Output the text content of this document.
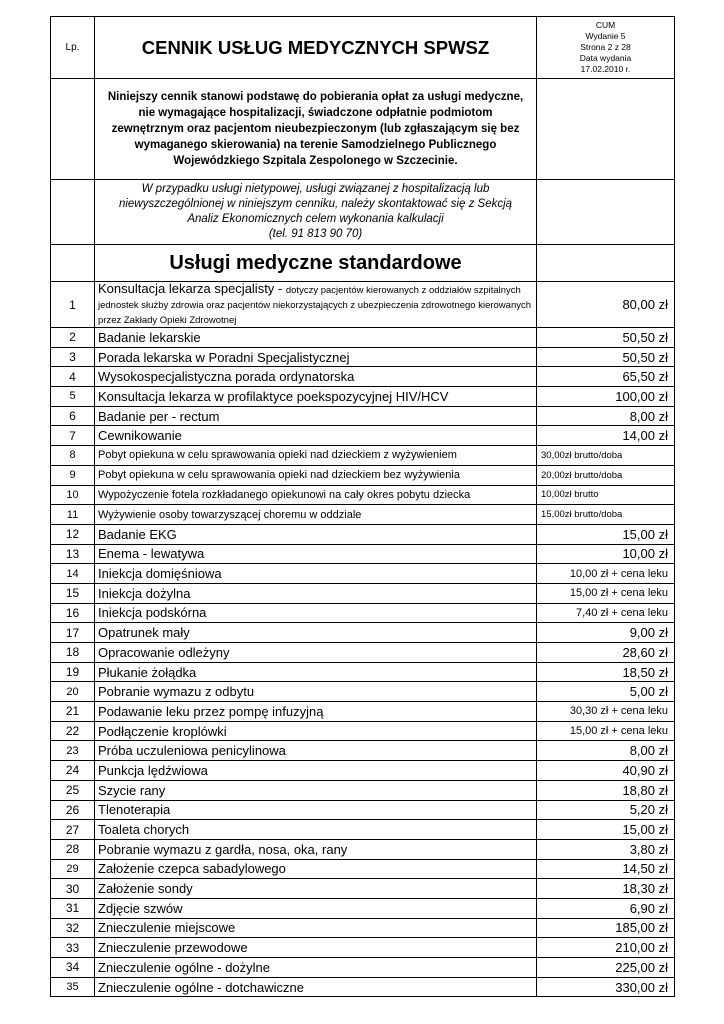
Lp.	CENNIK USŁUG MEDYCZNYCH SPWSZ	CUM
Wydanie 5
Strona 2 z 28
Data wydania
17.02.2010 r.

	Niniejszy cennik stanowi podstawę do pobierania opłat za usługi medyczne, nie wymagające hospitalizacji, świadczone odpłatnie podmiotom zewnętrznym oraz pacjentom nieubezpieczonym (lub zgłaszającym się bez wymaganego skierowania) na terenie Samodzielnego Publicznego Wojewódzkiego Szpitala Zespolonego w Szczecinie.	

	W przypadku usługi nietypowej, usługi związanej z hospitalizacją lub niewyszczególnionej w niniejszym cenniku, należy skontaktować się z Sekcją Analiz Ekonomicznych celem wykonania kalkulacji
(tel. 91 813 90 70)	

	Usługi medyczne standardowe	
1	Konsultacja lekarza specjalisty - dotyczy pacjentów kierowanych z oddziałów szpitalnych jednostek służby zdrowia oraz pacjentów niekorzystających z ubezpieczenia zdrowotnego kierowanych przez Zakłady Opieki Zdrowotnej	80,00 zł
2	Badanie lekarskie	50,50 zł
3	Porada lekarska w Poradni Specjalistycznej	50,50 zł
4	Wysokospecjalistyczna porada ordynatorska	65,50 zł
5	Konsultacja lekarza w profilaktyce poekspozycyjnej HIV/HCV	100,00 zł
6	Badanie per - rectum	8,00 zł
7	Cewnikowanie	14,00 zł
8	Pobyt opiekuna w celu sprawowania opieki nad dzieckiem z wyżywieniem	30,00zł brutto/doba
9	Pobyt opiekuna w celu sprawowania opieki nad dzieckiem bez wyżywienia	20,00zł brutto/doba
10	Wypożyczenie fotela rozkładanego opiekunowi na cały okres pobytu dziecka	10,00zł brutto
11	Wyżywienie osoby towarzyszącej choremu w oddziale	15,00zł brutto/doba
12	Badanie EKG	15,00 zł
13	Enema - lewatywa	10,00 zł
14	Iniekcja domięśniowa	10,00 zł + cena leku
15	Iniekcja dożylna	15,00 zł + cena leku
16	Iniekcja podskórna	7,40 zł + cena leku
17	Opatrunek mały	9,00 zł
18	Opracowanie odleżyny	28,60 zł
19	Płukanie żołądka	18,50 zł
20	Pobranie wymazu z odbytu	5,00 zł
21	Podawanie leku przez pompę infuzyjną	30,30 zł + cena leku
22	Podłączenie kroplówki	15,00 zł + cena leku
23	Próba uczuleniowa penicylinowa	8,00 zł
24	Punkcja lędźwiowa	40,90 zł
25	Szycie rany	18,80 zł
26	Tlenoterapia	5,20 zł
27	Toaleta chorych	15,00 zł
28	Pobranie wymazu z gardła, nosa, oka, rany	3,80 zł
29	Założenie czepca sabadylowego	14,50 zł
30	Założenie sondy	18,30 zł
31	Zdjęcie szwów	6,90 zł
32	Znieczulenie miejscowe	185,00 zł
33	Znieczulenie przewodowe	210,00 zł
34	Znieczulenie ogólne - dożylne	225,00 zł
35	Znieczulenie ogólne - dotchawiczne	330,00 zł
